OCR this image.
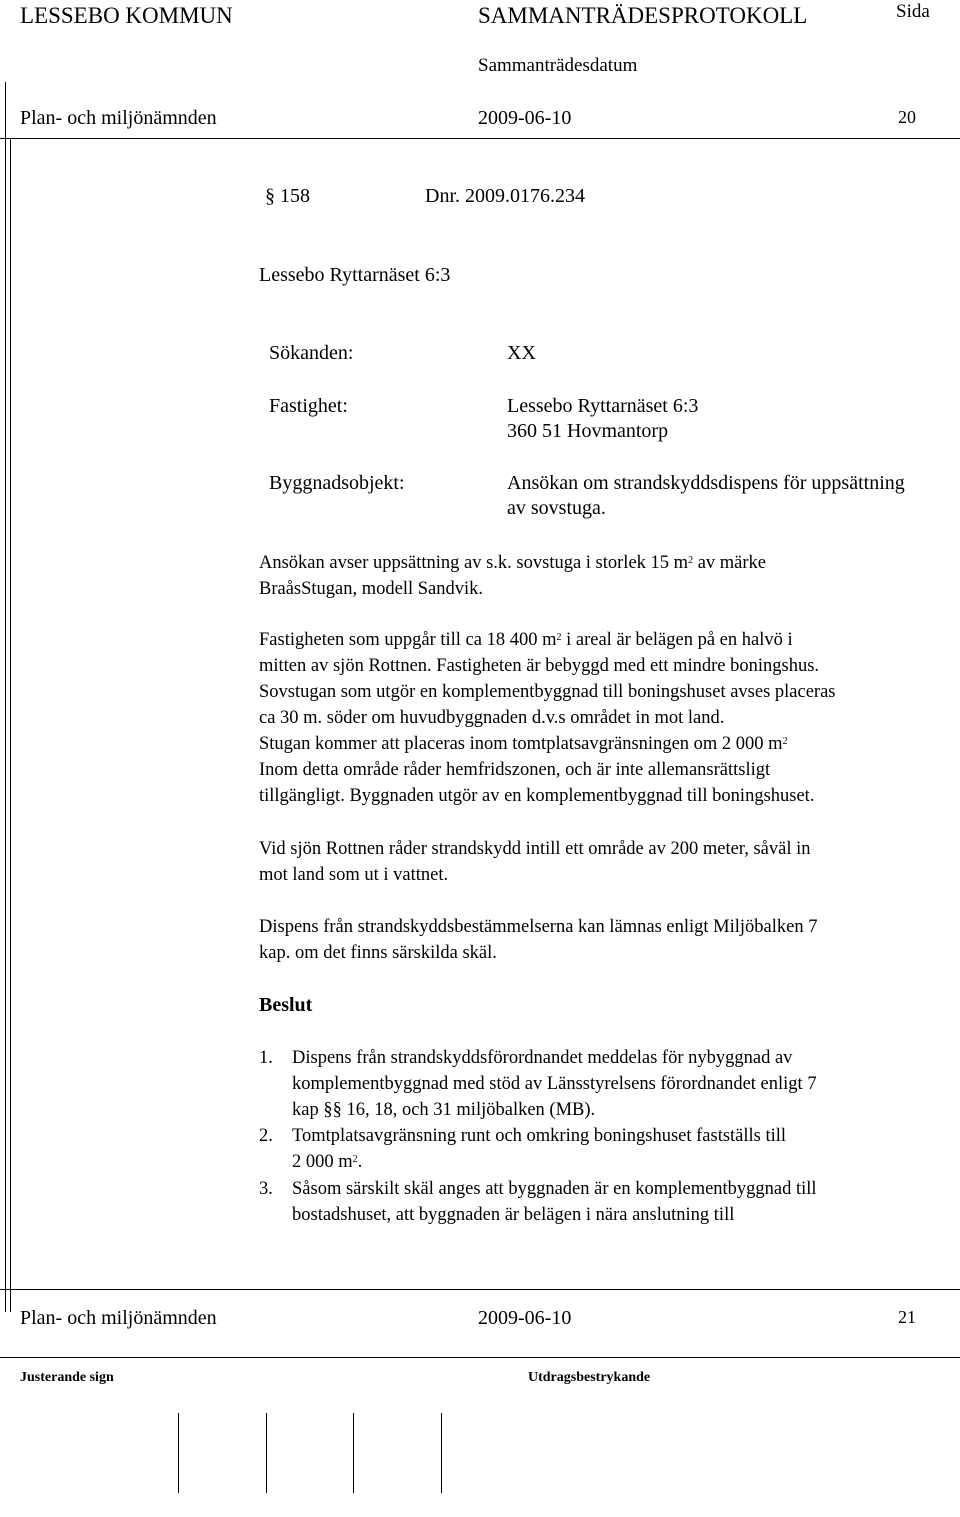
LESSEBO KOMMUN	SAMMANTRÄDESPROTOKOLL	Sida
Sammanträdesdatum
Plan- och miljönämnden	2009-06-10	20
§ 158	Dnr. 2009.0176.234
Lessebo Ryttarnäset 6:3
Sökanden:	XX
Fastighet:	Lessebo Ryttarnäset 6:3
360 51 Hovmantorp
Byggnadsobjekt:	Ansökan om strandskyddsdispens för uppsättning
av sovstuga.

Ansökan avser uppsättning av s.k. sovstuga i storlek 15 $m^2$ av märke

BraåsStugan, modell Sandvik.

Fastigheten som uppgår till ca 18 400 $m^2$ i areal är belägen på en halvö i

mitten av sjön Rottnen. Fastigheten är bebyggd med ett mindre boningshus.

Sovstugan som utgör en komplementbyggnad till boningshuset avses placeras

ca 30 m. söder om huvudbyggnaden d.v.s området in mot land.

Stugan kommer att placeras inom tomtplatsavgränsningen om 2 000 $m^2$

Inom detta område råder hemfridszonen, och är inte allemansrättsligt

tillgängligt. Byggnaden utgör av en komplementbyggnad till boningshuset.

Vid sjön Rottnen råder strandskydd intill ett område av 200 meter, såväl in

mot land som ut i vattnet.

Dispens från strandskyddsbestämmelserna kan lämnas enligt Miljöbalken 7

kap. om det finns särskilda skäl.

Beslut
1. Dispens från strandskyddsförordnandet meddelas för nybyggnad av
komplementbyggnad med stöd av Länsstyrelsens förordnandet enligt 7
kap §§ 16, 18, och 31 miljöbalken (MB).
2. Tomtplatsavgränsning runt och omkring boningshuset fastställs till
2 000 $m^2$.
3. Såsom särskilt skäl anges att byggnaden är en komplementbyggnad till
bostadshuset, att byggnaden är belägen i nära anslutning till
Plan- och miljönämnden	2009-06-10	21
Justerande sign	Utdragsbestrykande
